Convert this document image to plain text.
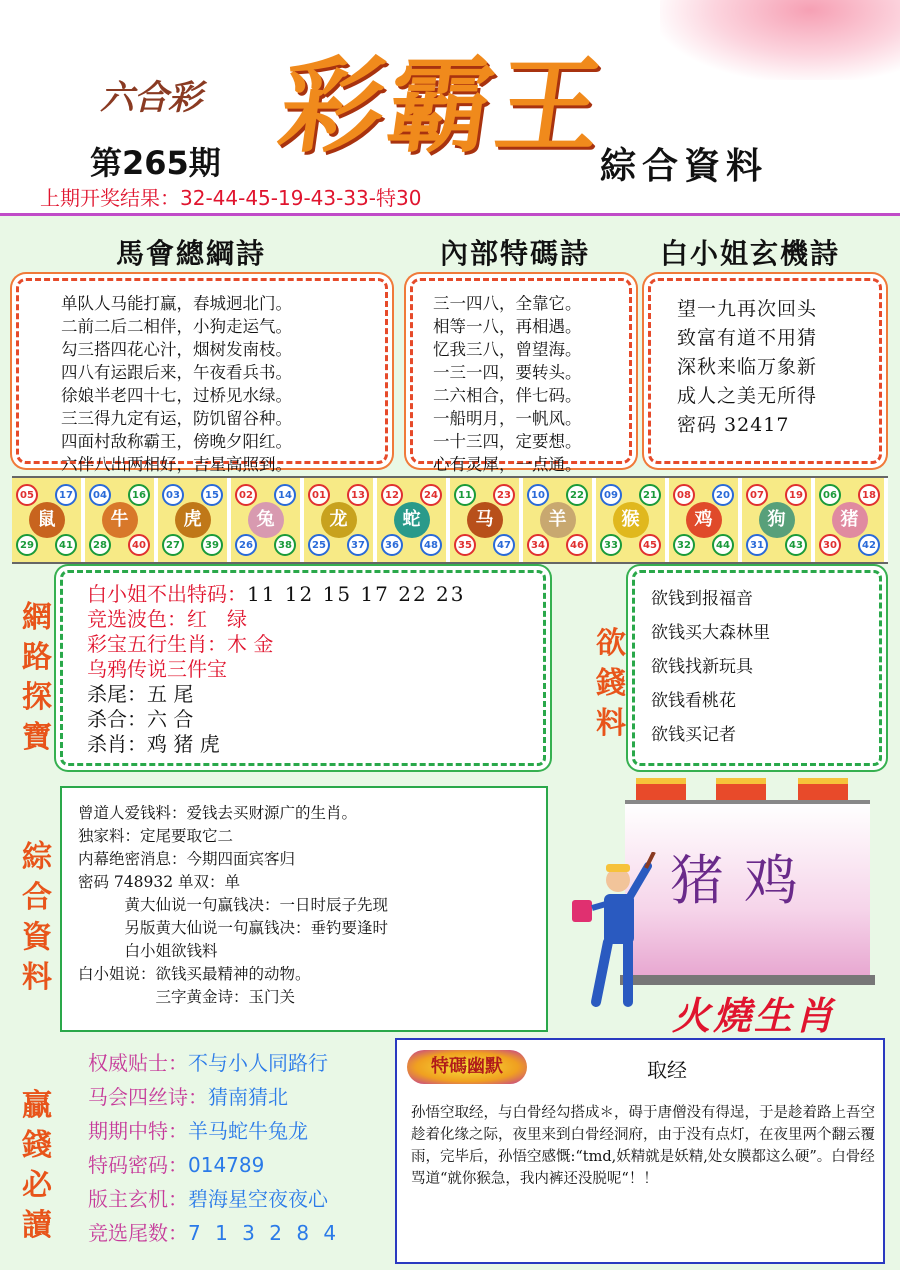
六合彩 彩霸王
第265期	綜合資料
上期开奖结果：32-44-45-19-43-33-特30
馬會總綱詩	內部特碼詩 白小姐玄機詩
单队人马能打赢，春城迥北门。
二前二后二相伴，小狗走运气。
勾三搭四花心汁，烟树发南枝。
四八有运跟后来，午夜看兵书。
徐娘半老四十七，过桥见水绿。
三三得九定有运，防饥留谷种。
四面村敌称霸王，傍晚夕阳红。
六伴八出两相好，吉星高照到。
三一四八，全靠它。
相等一八，再相遇。
忆我三八，曾望海。
一三一四，要转头。
二六相合，伴七码。
一船明月，一帆风。
一十三四，定要想。
心有灵犀，一点通。
望一九再次回头
致富有道不用猜
深秋来临万象新
成人之美无所得
密码 32417
鼠
05	17
29	41
牛
04	16
28	40
虎
03	15
27	39
兔
02	14
26	38
龙
01	13
25	37
蛇
12	24
36	48
马
11	23
35	47
羊
10	22
34	46
猴
09	21
33	45
鸡
08	20
32	44
狗
07	19
31	43
猪
06	18
30	42
網路探寶
欲錢料
綜合資料
贏錢必讀
白小姐不出特码：11 12 15 17 22 23
竞选波色：红　绿
彩宝五行生肖：木 金
乌鸦传说三件宝
杀尾：五 尾
杀合：六 合
杀肖：鸡 猪 虎
欲钱到报福音
欲钱买大森林里
欲钱找新玩具
欲钱看桃花
欲钱买记者
曾道人爱钱料：爱钱去买财源广的生肖。
独家料：定尾要取它二
内幕绝密消息：今期四面宾客归
密码 748932 单双：单
　　　黄大仙说一句赢钱决：一日时辰子先现
　　　另版黄大仙说一句赢钱决：垂钓要逢时
　　　白小姐欲钱料
白小姐说：欲钱买最精神的动物。
　　　　　三字黄金诗：玉门关
猪鸡
火燒生肖
权威贴士：不与小人同路行
马会四丝诗：猜南猜北
期期中特：羊马蛇牛兔龙
特码密码：014789
版主玄机：碧海星空夜夜心
竞选尾数：7 1 3 2 8 4
特碼幽默	取经
孙悟空取经，与白骨经勾搭成＊，碍于唐僧没有得逞，于是趁着路上吾空趁着化缘之际，夜里来到白骨经洞府，由于没有点灯，在夜里两个翻云覆雨，完毕后，孙悟空感慨:“tmd,妖精就是妖精,处女膜都这么硬”。白骨经骂道“就你猴急，我内裤还没脱呢“！！
